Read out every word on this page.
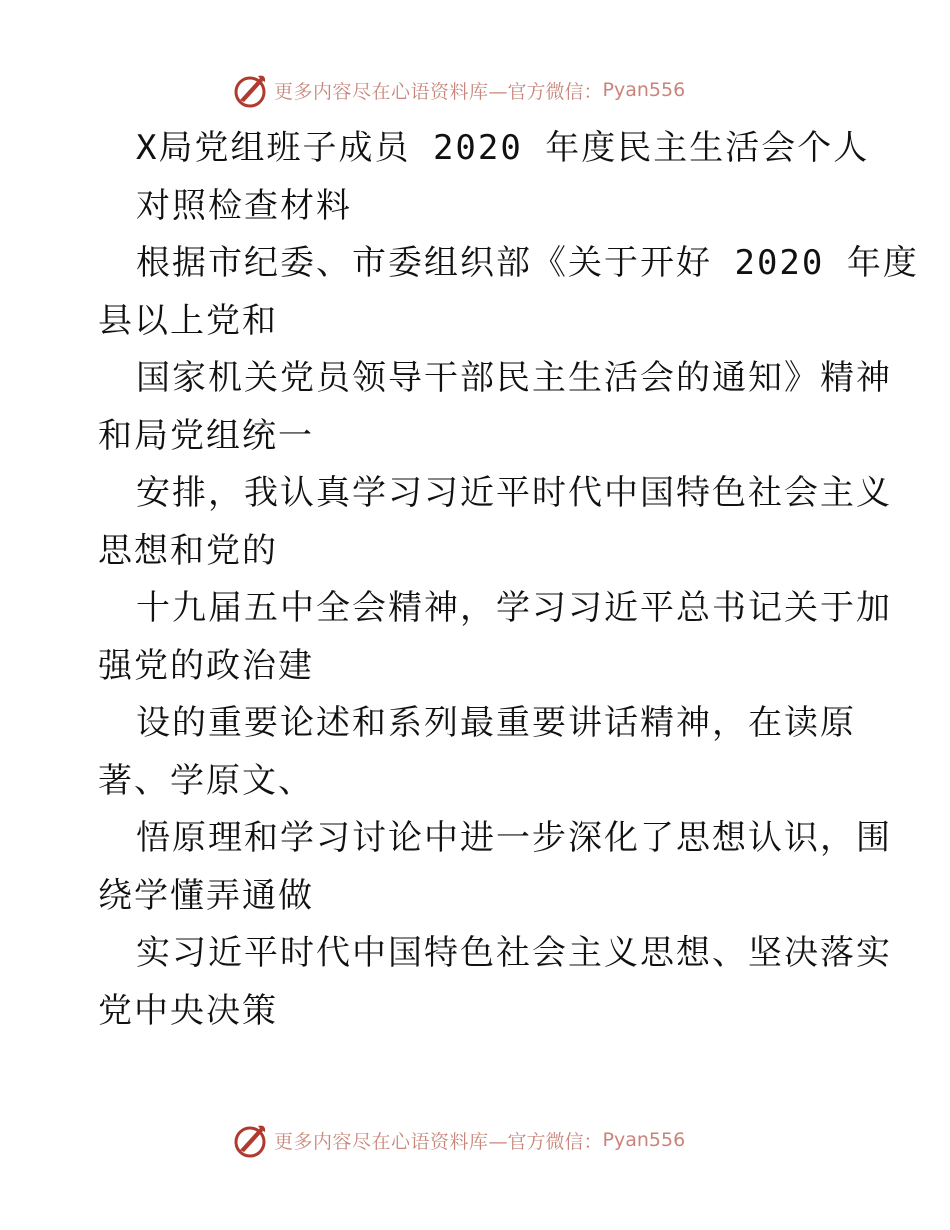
更多内容尽在心语资料库 —官方微信： Pyan556
X局党组班子成员 2020 年度民主生活会个人
对照检查材料
根据市纪委、市委组织部《关于开好 2020 年度
县以上党和
国家机关党员领导干部民主生活会的通知》精神
和局党组统一
安排，我认真学习习近平时代中国特色社会主义
思想和党的
十九届五中全会精神，学习习近平总书记关于加
强党的政治建
设的重要论述和系列最重要讲话精神，在读原
著、学原文、
悟原理和学习讨论中进一步深化了思想认识，围
绕学懂弄通做
实习近平时代中国特色社会主义思想、坚决落实
党中央决策
更多内容尽在心语资料库 —官方微信： Pyan556
